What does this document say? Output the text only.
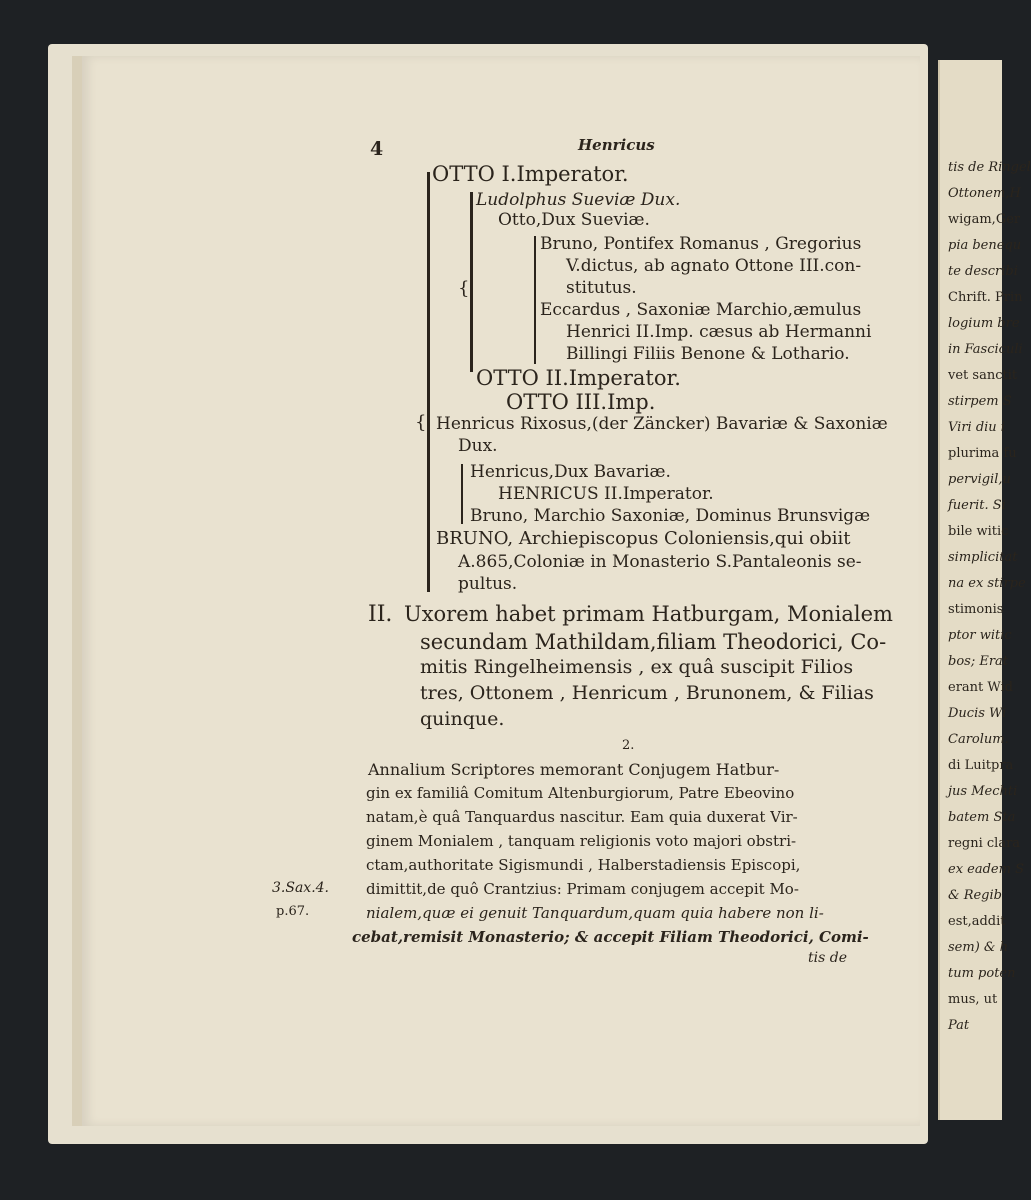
4	Henricus
{
{
OTTO I.Imperator.
Ludolphus Sueviæ Dux.
Otto,Dux Sueviæ.
Bruno, Pontifex Romanus , Gregorius
V.dictus, ab agnato Ottone III.con-
stitutus.
Eccardus , Saxoniæ Marchio,æmulus
Henrici II.Imp. cæsus ab Hermanni
Billingi Filiis Benone & Lothario.
OTTO II.Imperator.
OTTO III.Imp.
Henricus Rixosus,(der Zäncker) Bavariæ & Saxoniæ
Dux.
Henricus,Dux Bavariæ.
HENRICUS II.Imperator.
Bruno, Marchio Saxoniæ, Dominus Brunsvigæ
BRUNO, Archiepiscopus Coloniensis,qui obiit
A.865,Coloniæ in Monasterio S.Pantaleonis se-
pultus.
II. Uxorem habet primam Hatburgam, Monialem
secundam Mathildam,filiam Theodorici, Co-
mitis Ringelheimensis , ex quâ suscipit Filios
tres, Ottonem , Henricum , Brunonem, & Filias
quinque.
2.
Annalium Scriptores memorant Conjugem Hatbur-
gin ex familiâ Comitum Altenburgiorum, Patre Ebeovino
natam,è quâ Tanquardus nascitur. Eam quia duxerat Vir-
ginem Monialem , tanquam religionis voto majori obstri-
ctam,authoritate Sigismundi , Halberstadiensis Episcopi,
dimittit,de quô Crantzius: Primam conjugem accepit Mo-
nialem,quæ ei genuit Tanquardum,quam quia habere non li-
cebat,remisit Monasterio; & accepit Filiam Theodorici, Comi-
tis de
3.Sax.4.
p.67.
tis de Ringel
Ottonem,H
wigam,Ger
pia benequ
te describi
Chrift. Prin
logium bre
in Fasciculi
vet sanctit
stirpem S
Viri diu i
plurima fu
pervigil,u
fuerit. Si
bile witic
simplicitat
na ex stirpe
stimonis
ptor witic
bos; Erat
erant Wid
Ducis Wi
Carolum.
di Luitpra
jus Mechti
batem Sta
regni clara
ex eadem S
& Regib
est,addit
sem) & h
tum poten
mus, ut
Pat
